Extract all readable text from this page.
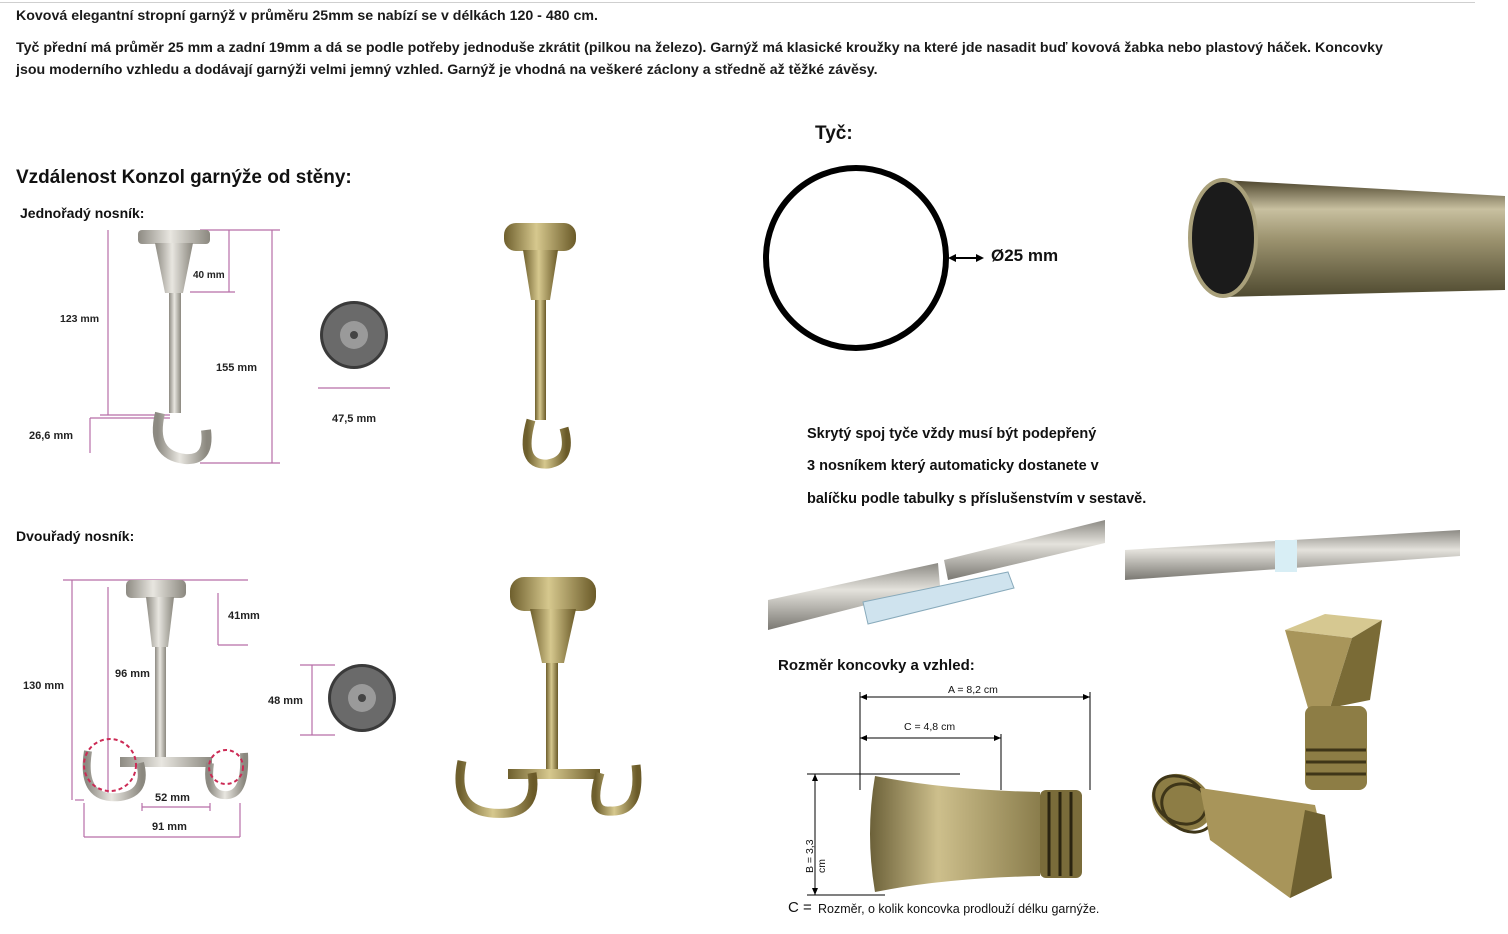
Kovová elegantní stropní garnýž v průměru 25mm se nabízí se v délkách 120 - 480 cm.
Tyč přední má průměr 25 mm a zadní 19mm a dá se podle potřeby jednoduše zkrátit (pilkou na železo). Garnýž má klasické kroužky na které jde nasadit buď kovová žabka nebo plastový háček. Koncovky
jsou moderního vzhledu a dodávají garnýži velmi jemný vzhled. Garnýž je vhodná na veškeré záclony a středně až těžké závěsy.
Vzdálenost Konzol garnýže od stěny:
Jednořadý nosník:
40 mm
123 mm
155 mm
26,6 mm
47,5 mm
Dvouřadý nosník:
41mm
96 mm
130 mm
52 mm
91 mm
48 mm
Tyč:
Ø25 mm
Skrytý spoj tyče vždy musí být podepřený
3 nosníkem který automaticky dostanete v
balíčku podle tabulky s příslušenstvím v sestavě.
Rozměr koncovky a vzhled:
A = 8,2 cm
C = 4,8 cm
B = 3,3 cm
C = Rozměr, o kolik koncovka prodlouží délku garnýže.
